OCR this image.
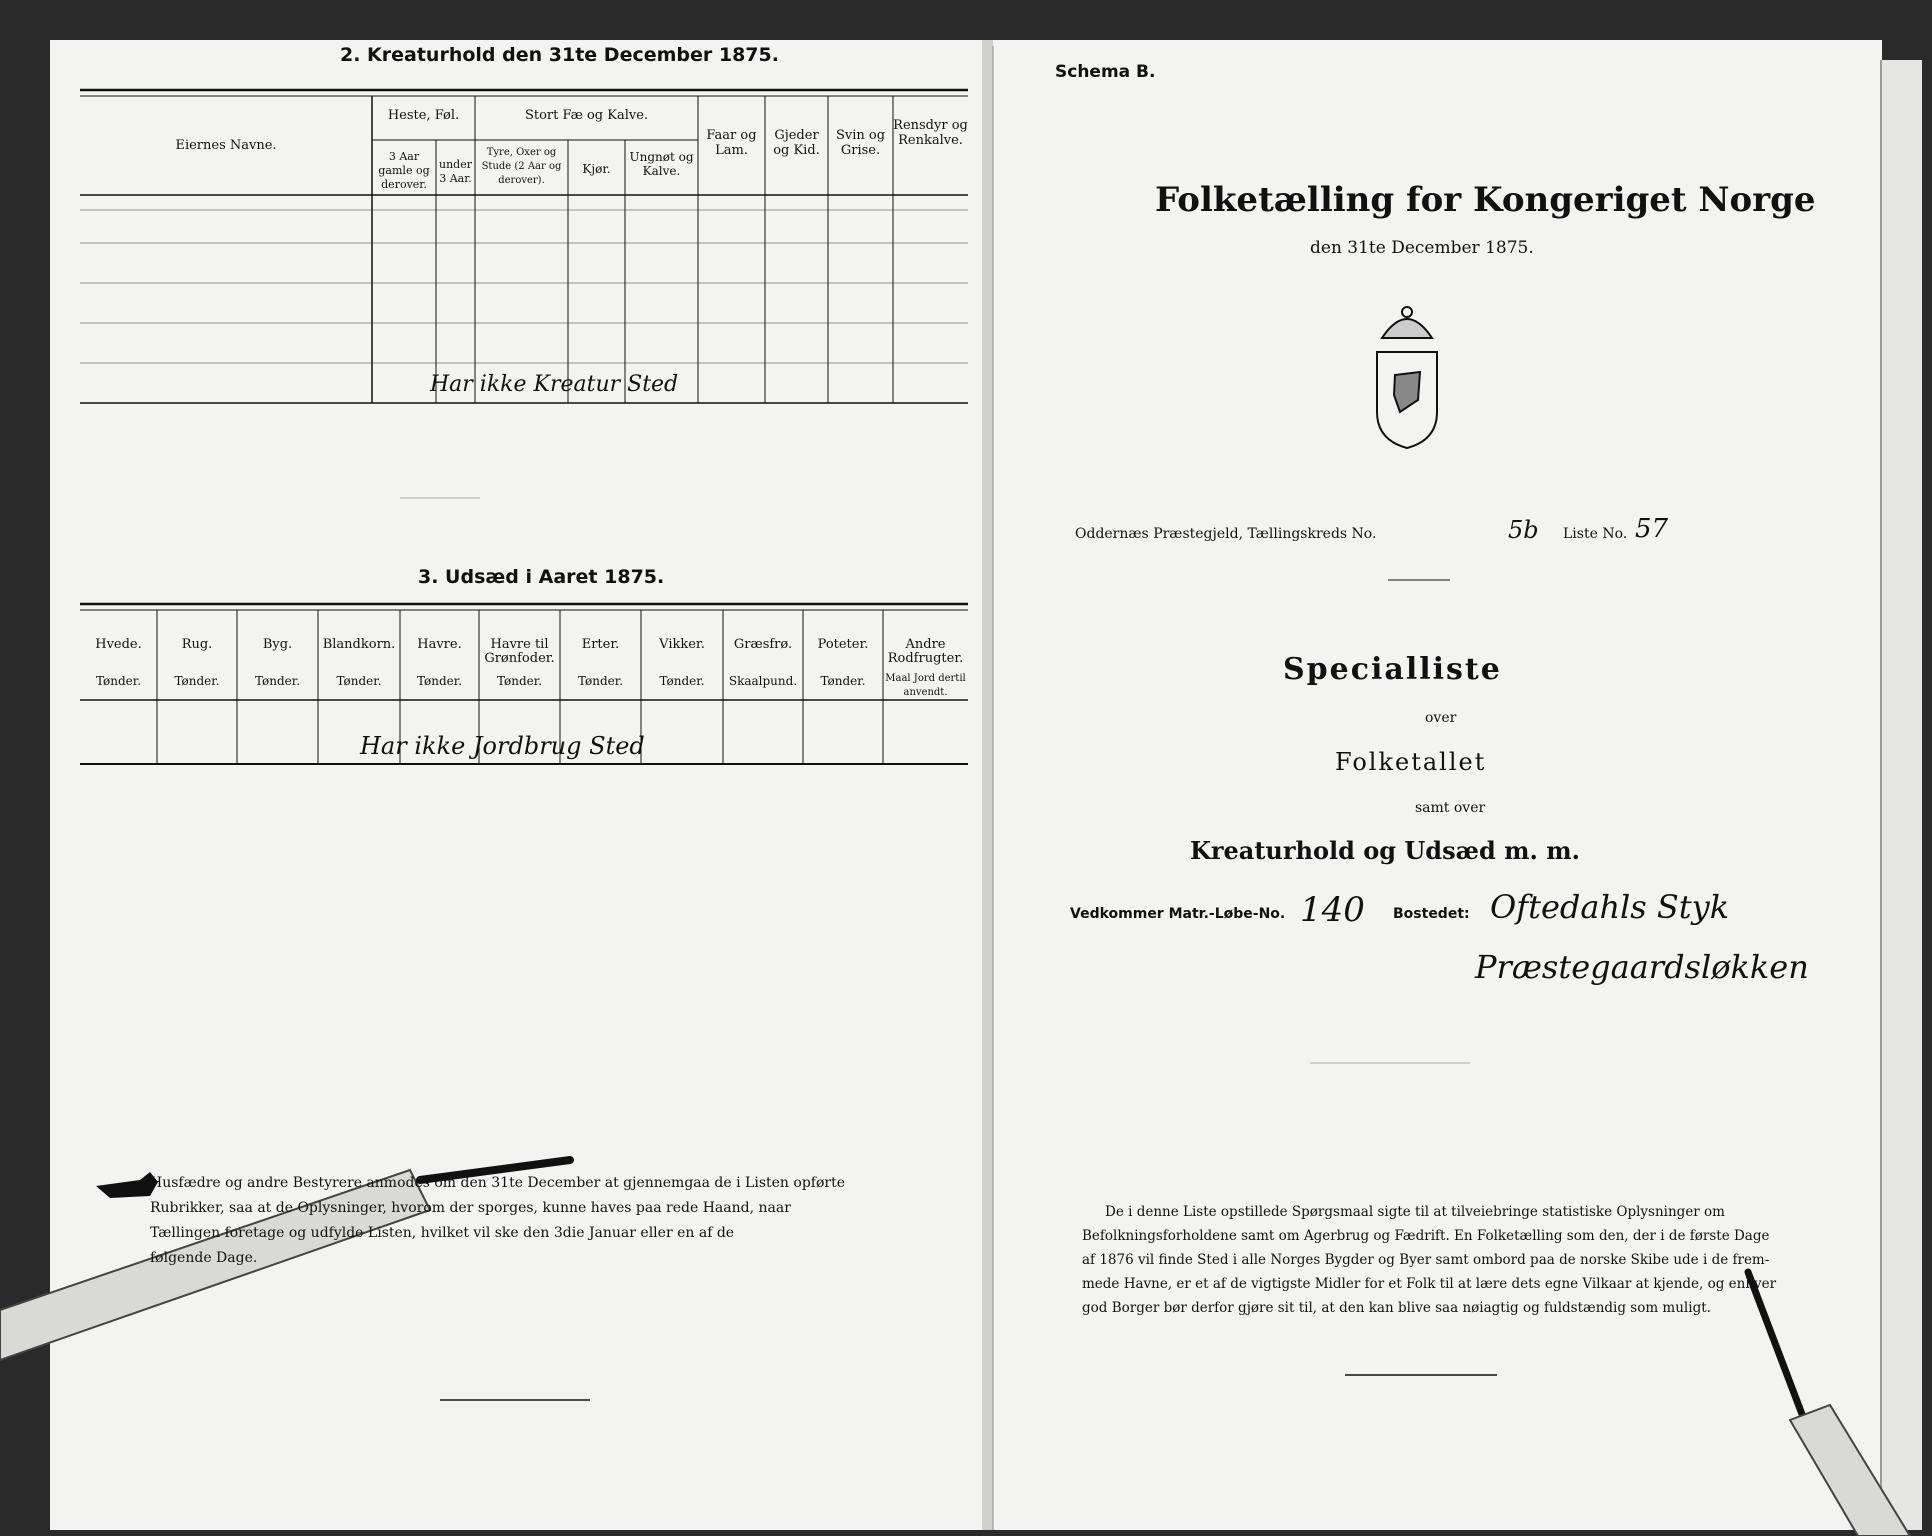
2. Kreaturhold den 31te December 1875.
Eiernes Navne.
Heste, Føl.	Stort Fæ og Kalve.
3 Aar gamle og derover.
under 3 Aar.
Tyre, Oxer og Stude (2 Aar og derover).
Kjør.
Ungnøt og Kalve.
Faar og Lam.
Gjeder og Kid.
Svin og Grise.
Rensdyr og Renkalve.
Har ikke Kreatur Sted
3. Udsæd i Aaret 1875.
Hvede.
Tønder.
Rug.
Tønder.
Byg.
Tønder.
Blandkorn.
Tønder.
Havre.
Tønder.
Havre til Grønfoder.
Tønder.
Erter.
Tønder.
Vikker.
Tønder.
Græsfrø.
Skaalpund.
Poteter.
Tønder.
Andre Rodfrugter.
Maal Jord dertil anvendt.
Har ikke Jordbrug Sted
Husfædre og andre Bestyrere anmodes om den 31te December at gjennemgaa de i Listen opførte
Rubrikker, saa at de Oplysninger, hvorom der sporges, kunne haves paa rede Haand, naar
Tællingen foretage og udfylde Listen, hvilket vil ske den 3die Januar eller en af de
følgende Dage.
Schema B.
Folketælling for Kongeriget Norge
den 31te December 1875.
Oddernæs Præstegjeld, Tællingskreds No.	5b Liste No. 57
Specialliste
over
Folketallet
samt over
Kreaturhold og Udsæd m. m.
Vedkommer Matr.-Løbe-No. 140 Bostedet: Oftedahls Styk
Præstegaardsløkken
De i denne Liste opstillede Spørgsmaal sigte til at tilveiebringe statistiske Oplysninger om
Befolkningsforholdene samt om Agerbrug og Fædrift. En Folketælling som den, der i de første Dage
af 1876 vil finde Sted i alle Norges Bygder og Byer samt ombord paa de norske Skibe ude i de frem-
mede Havne, er et af de vigtigste Midler for et Folk til at lære dets egne Vilkaar at kjende, og enhver
god Borger bør derfor gjøre sit til, at den kan blive saa nøiagtig og fuldstændig som muligt.
